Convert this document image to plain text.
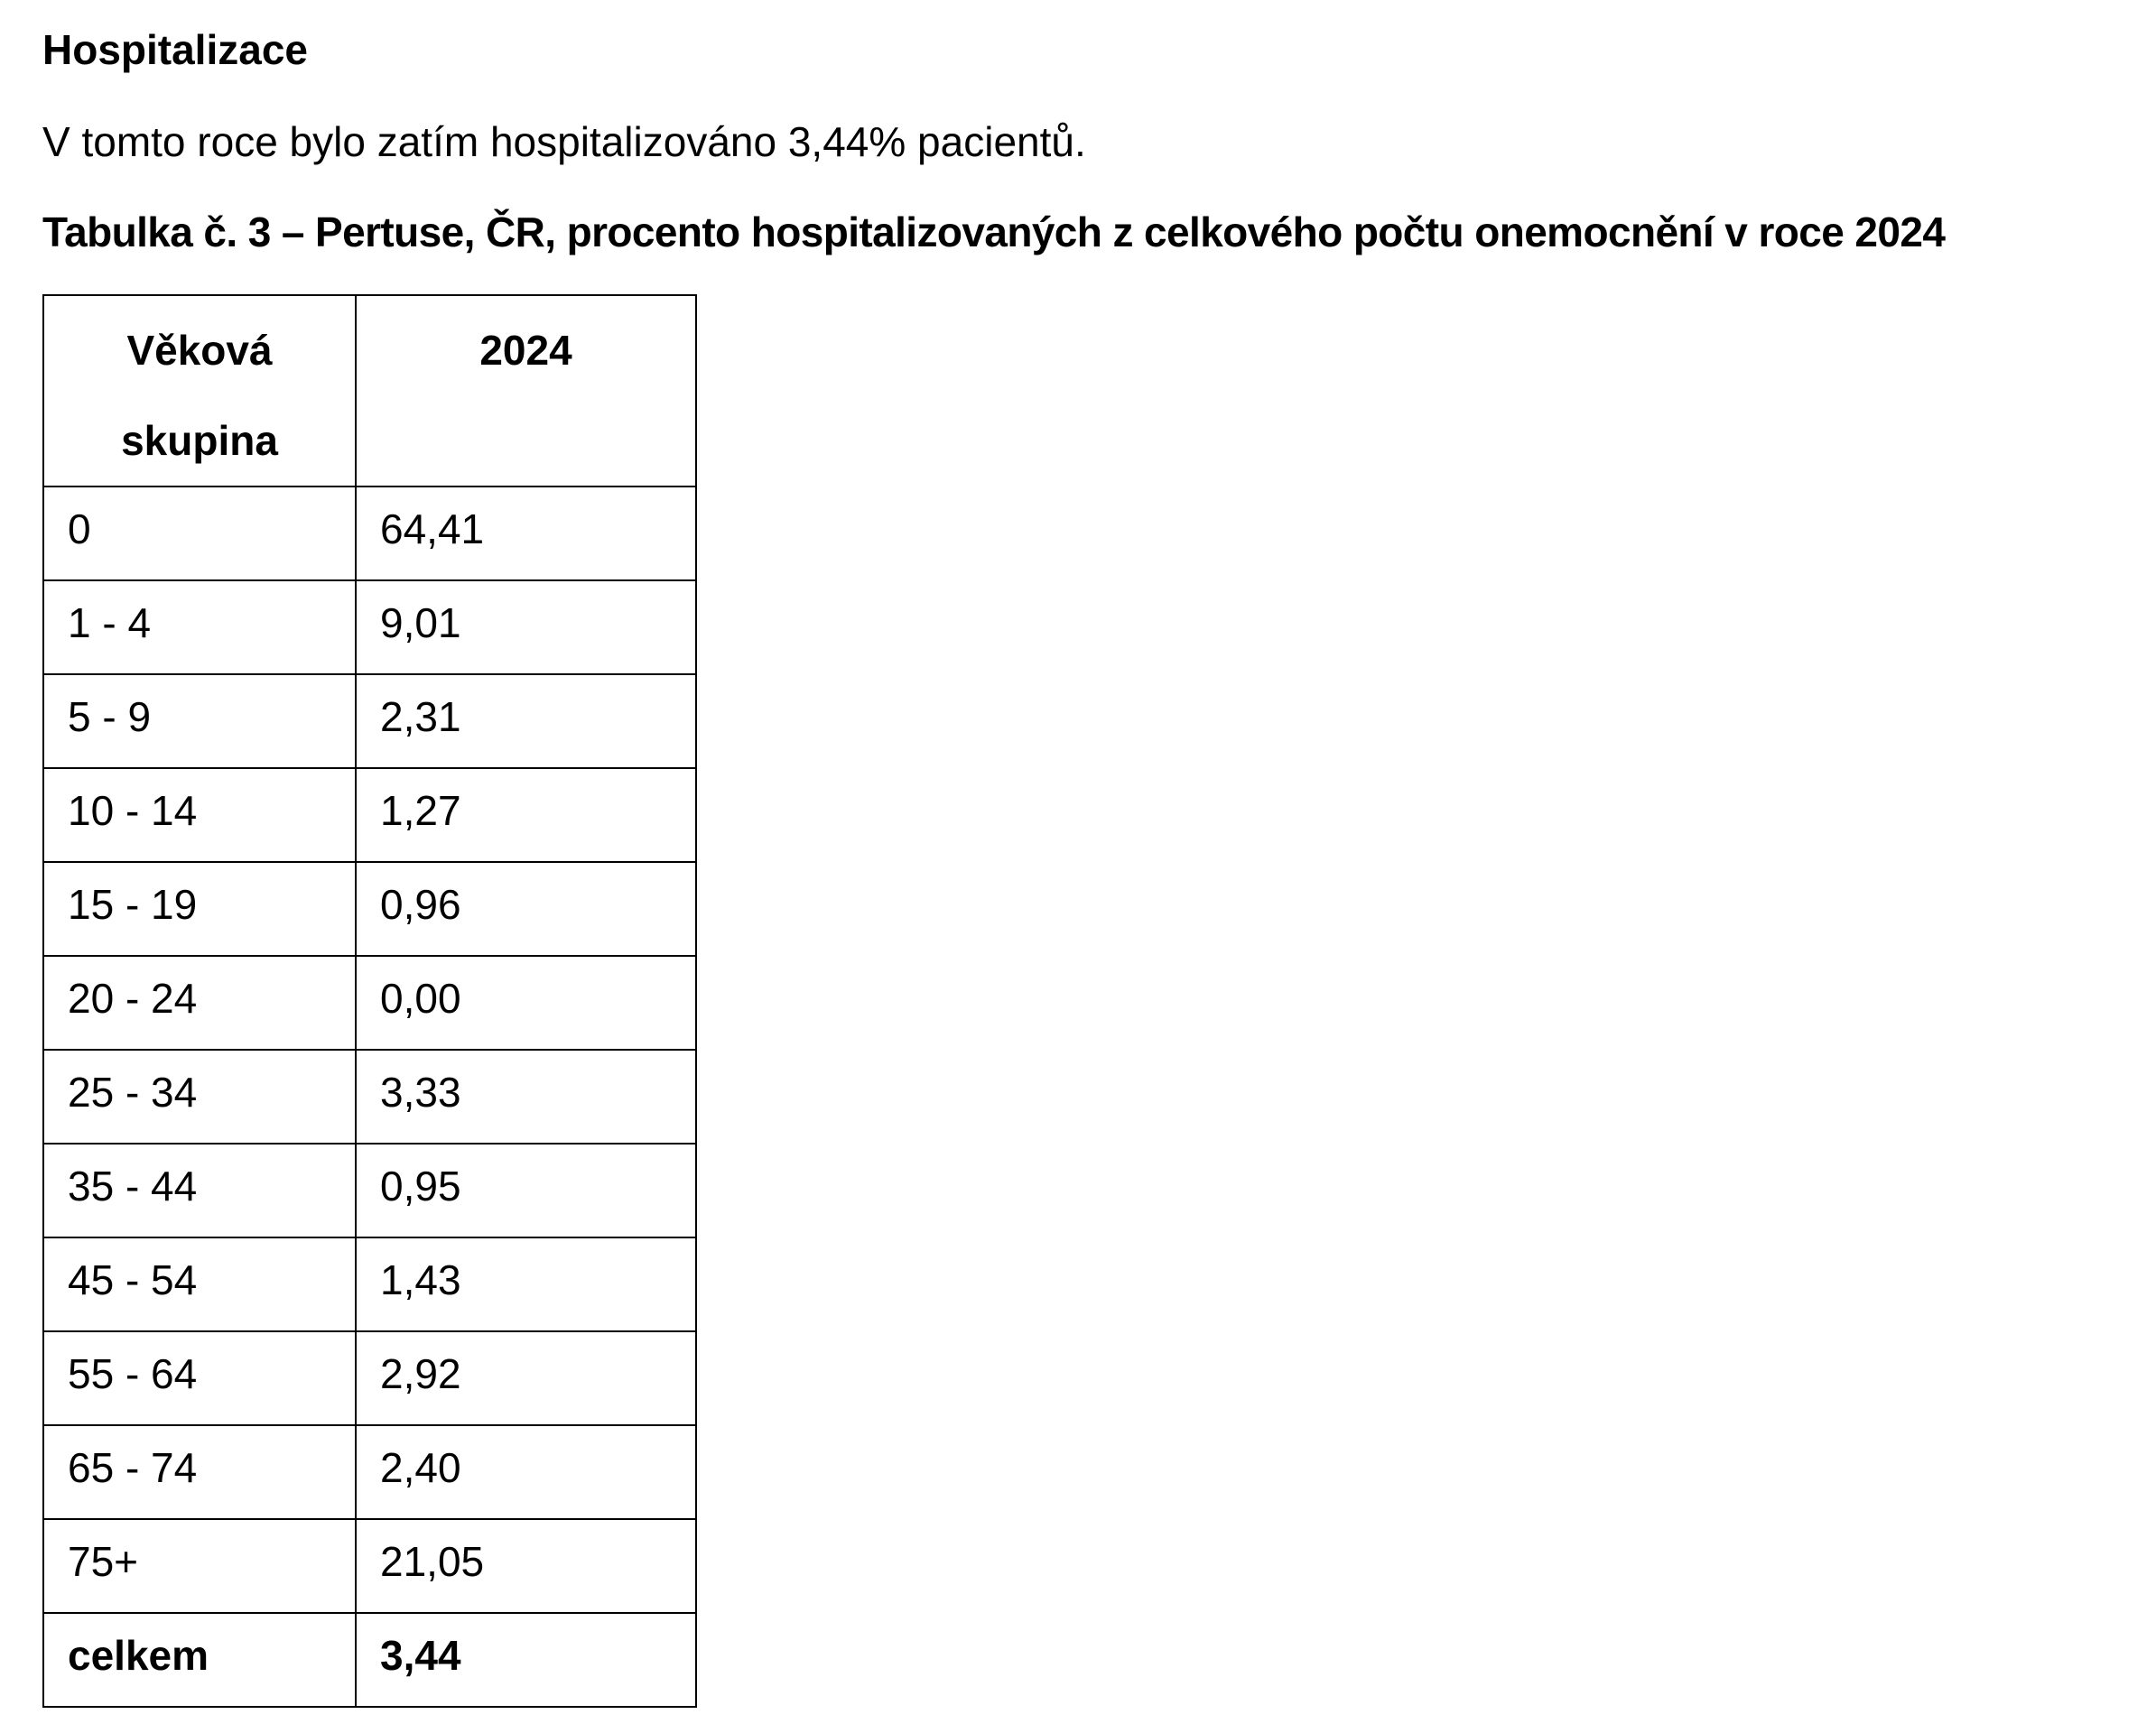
Hospitalizace
V tomto roce bylo zatím hospitalizováno 3,44% pacientů.
Tabulka č. 3 – Pertuse, ČR, procento hospitalizovaných z celkového počtu onemocnění v roce 2024
Věková
skupina	2024

0	64,41
1 - 4	9,01
5 - 9	2,31
10 - 14	1,27
15 - 19	0,96
20 - 24	0,00
25 - 34	3,33
35 - 44	0,95
45 - 54	1,43
55 - 64	2,92
65 - 74	2,40
75+	21,05
celkem	3,44
